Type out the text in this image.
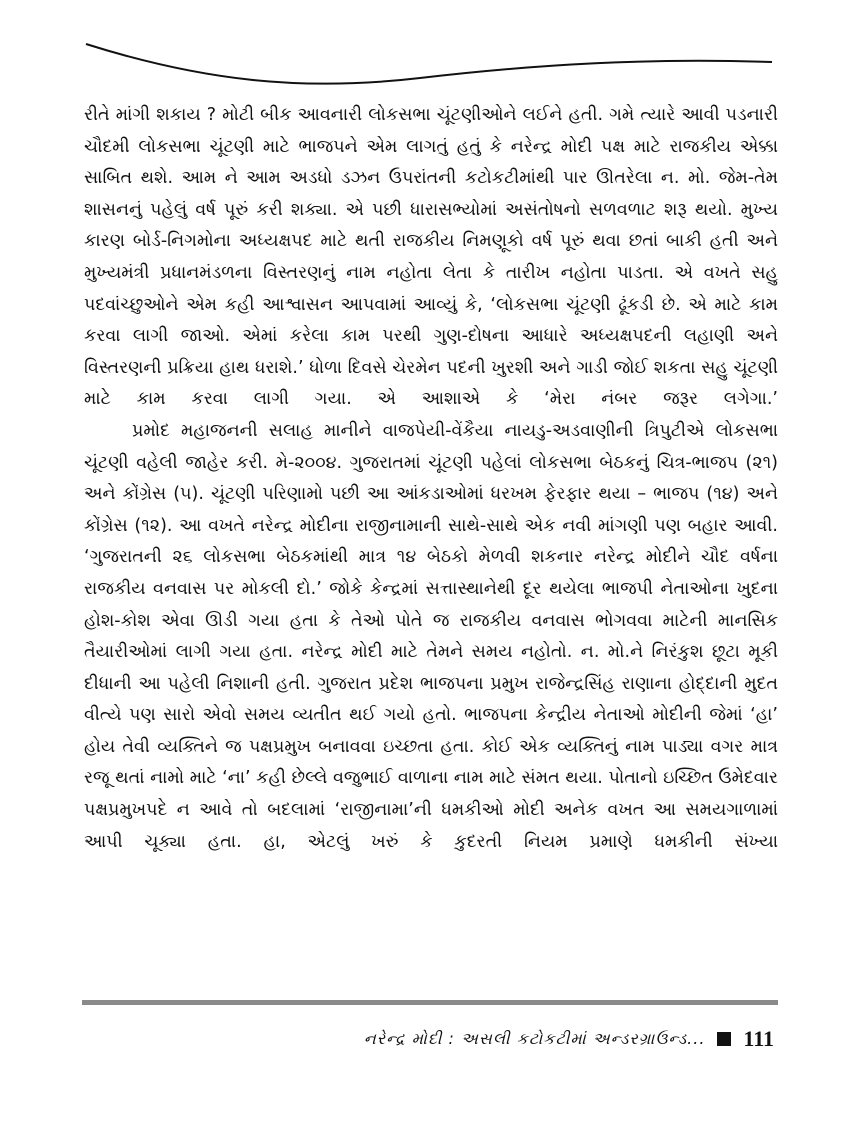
રીતે માંગી શકાય ? મોટી બીક આવનારી લોકસભા ચૂંટણીઓને લઈને હતી. ગમે ત્યારે આવી પડનારી ચૌદમી લોકસભા ચૂંટણી માટે ભાજપને એમ લાગતું હતું કે નરેન્દ્ર મોદી પક્ષ માટે રાજકીય એક્કા સાબિત થશે. આમ ને આમ અડધો ડઝન ઉપરાંતની કટોકટીમાંથી પાર ઊતરેલા ન. મો. જેમ-તેમ શાસનનું પહેલું વર્ષ પૂરું કરી શક્યા. એ પછી ધારાસભ્યોમાં અસંતોષનો સળવળાટ શરૂ થયો. મુખ્ય કારણ બોર્ડ-નિગમોના અધ્યક્ષપદ માટે થતી રાજકીય નિમણૂકો વર્ષ પૂરું થવા છતાં બાકી હતી અને મુખ્યમંત્રી પ્રધાનમંડળના વિસ્તરણનું નામ નહોતા લેતા કે તારીખ નહોતા પાડતા. એ વખતે સહુ પદવાંચ્છુઓને એમ કહી આશ્વાસન આપવામાં આવ્યું કે, ‘લોકસભા ચૂંટણી ઢૂંકડી છે. એ માટે કામ કરવા લાગી જાઓ. એમાં કરેલા કામ પરથી ગુણ-દોષના આધારે અધ્યક્ષપદની લહાણી અને વિસ્તરણની પ્રક્રિયા હાથ ધરાશે.’ ધોળા દિવસે ચેરમેન પદની ખુરશી અને ગાડી જોઈ શકતા સહુ ચૂંટણી માટે કામ કરવા લાગી ગયા. એ આશાએ કે ‘મેરા નંબર જરૂર લગેગા.’

પ્રમોદ મહાજનની સલાહ માનીને વાજપેયી-વેંકૈયા નાયડુ-અડવાણીની ત્રિપુટીએ લોકસભા ચૂંટણી વહેલી જાહેર કરી. મે-૨૦૦૪. ગુજરાતમાં ચૂંટણી પહેલાં લોકસભા બેઠકનું ચિત્ર-ભાજપ (૨૧) અને કોંગ્રેસ (૫). ચૂંટણી પરિણામો પછી આ આંકડાઓમાં ધરખમ ફેરફાર થયા – ભાજપ (૧૪) અને કોંગ્રેસ (૧૨). આ વખતે નરેન્દ્ર મોદીના રાજીનામાની સાથે-સાથે એક નવી માંગણી પણ બહાર આવી. ‘ગુજરાતની ૨૬ લોકસભા બેઠકમાંથી માત્ર ૧૪ બેઠકો મેળવી શકનાર નરેન્દ્ર મોદીને ચૌદ વર્ષના રાજકીય વનવાસ પર મોકલી દો.’ જોકે કેન્દ્રમાં સત્તાસ્થાનેથી દૂર થયેલા ભાજપી નેતાઓના ખુદના હોશ-કોશ એવા ઊડી ગયા હતા કે તેઓ પોતે જ રાજકીય વનવાસ ભોગવવા માટેની માનસિક તૈયારીઓમાં લાગી ગયા હતા. નરેન્દ્ર મોદી માટે તેમને સમય નહોતો. ન. મો.ને નિરંકુશ છૂટા મૂકી દીધાની આ પહેલી નિશાની હતી. ગુજરાત પ્રદેશ ભાજપના પ્રમુખ રાજેન્દ્રસિંહ રાણાના હોદ્દાની મુદત વીત્યે પણ સારો એવો સમય વ્યતીત થઈ ગયો હતો. ભાજપના કેન્દ્રીય નેતાઓ મોદીની જેમાં ‘હા’ હોય તેવી વ્યક્તિને જ પક્ષપ્રમુખ બનાવવા ઇચ્છતા હતા. કોઈ એક વ્યક્તિનું નામ પાડ્યા વગર માત્ર રજૂ થતાં નામો માટે ‘ના’ કહી છેલ્લે વજુભાઈ વાળાના નામ માટે સંમત થયા. પોતાનો ઇચ્છિત ઉમેદવાર પક્ષપ્રમુખપદે ન આવે તો બદલામાં ‘રાજીનામા’ની ધમકીઓ મોદી અનેક વખત આ સમયગાળામાં આપી ચૂક્યા હતા. હા, એટલું ખરું કે કુદરતી નિયમ પ્રમાણે ધમકીની સંખ્યા

નરેન્દ્ર મોદી : અસલી કટોકટીમાં અન્ડરગ્રાઉન્ડ... 111
